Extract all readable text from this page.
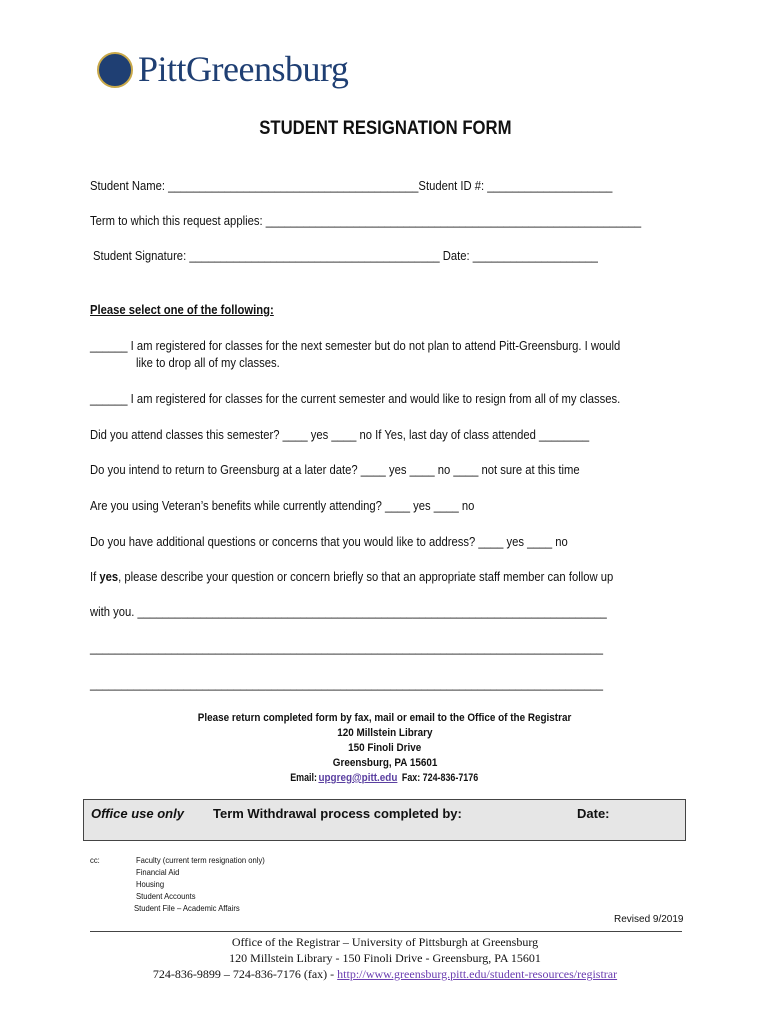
PittGreensburg
STUDENT RESIGNATION FORM
Student Name: ________________________________________Student ID #: ____________________
Term to which this request applies: ____________________________________________________________
Student Signature: ________________________________________ Date: ____________________
Please select one of the following:
______ I am registered for classes for the next semester but do not plan to attend Pitt-Greensburg. I would
like to drop all of my classes.
______ I am registered for classes for the current semester and would like to resign from all of my classes.
Did you attend classes this semester? ____ yes ____ no If Yes, last day of class attended ________
Do you intend to return to Greensburg at a later date? ____ yes ____ no ____ not sure at this time
Are you using Veteran’s benefits while currently attending? ____ yes ____ no
Do you have additional questions or concerns that you would like to address? ____ yes ____ no
If yes, please describe your question or concern briefly so that an appropriate staff member can follow up
with you. ___________________________________________________________________________
__________________________________________________________________________________
__________________________________________________________________________________
Please return completed form by fax, mail or email to the Office of the Registrar
120 Millstein Library
150 Finoli Drive
Greensburg, PA 15601
Email:upgreg@pitt.eduFax: 724-836-7176
Office use only Term Withdrawal process completed by:	Date:
cc:	Faculty (current term resignation only)
Financial Aid
Housing
Student Accounts
Student File – Academic Affairs
Revised 9/2019
Office of the Registrar – University of Pittsburgh at Greensburg
120 Millstein Library - 150 Finoli Drive - Greensburg, PA 15601
724-836-9899 – 724-836-7176 (fax) - http://www.greensburg.pitt.edu/student-resources/registrar
